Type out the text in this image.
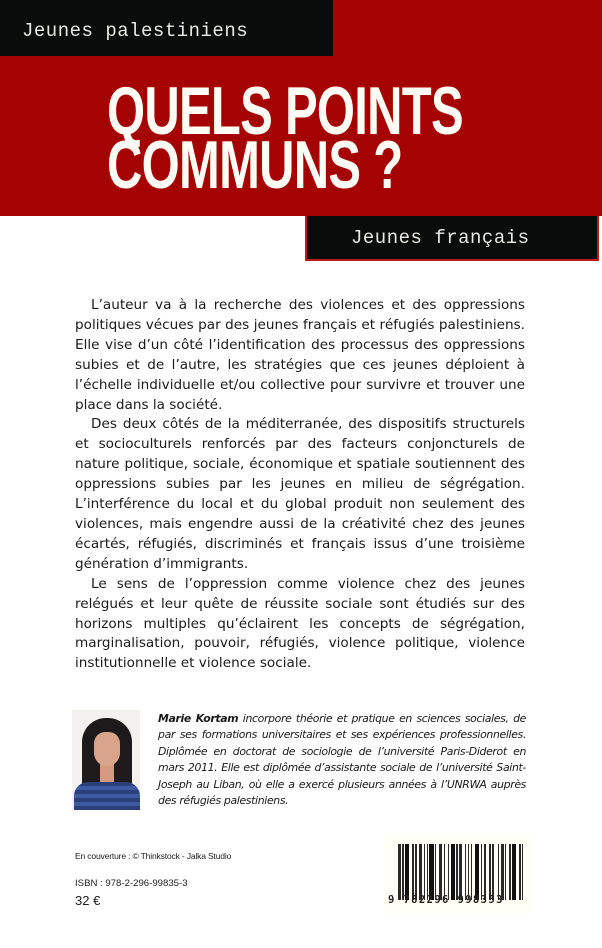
Jeunes palestiniens
QUELS POINTS
COMMUNS ?
Jeunes français

L’auteur va à la recherche des violences et des oppressions politiques vécues par des jeunes français et réfugiés palestiniens. Elle vise d’un côté l’identification des processus des oppressions subies et de l’autre, les stratégies que ces jeunes déploient à l’échelle individuelle et/ou collective pour survivre et trouver une place dans la société.

Des deux côtés de la méditerranée, des dispositifs structurels et socioculturels renforcés par des facteurs conjoncturels de nature politique, sociale, économique et spatiale soutiennent des oppressions subies par les jeunes en milieu de ségrégation. L’interférence du local et du global produit non seulement des violences, mais engendre aussi de la créativité chez des jeunes écartés, réfugiés, discriminés et français issus d’une troisième génération d’immigrants.

Le sens de l’oppression comme violence chez des jeunes relégués et leur quête de réussite sociale sont étudiés sur des horizons multiples qu’éclairent les concepts de ségrégation, marginalisation, pouvoir, réfugiés, violence politique, violence institutionnelle et violence sociale.

Marie Kortam incorpore théorie et pratique en sciences sociales, de par ses formations universitaires et ses expériences professionnelles. Diplômée en doctorat de sociologie de l’université Paris-Diderot en mars 2011. Elle est diplômée d’assistante sociale de l’université Saint-Joseph au Liban, où elle a exercé plusieurs années à l’UNRWA auprès des réfugiés palestiniens.
En couverture : © Thinkstock - Jalka Studio
ISBN : 978-2-296-99835-3
32 €	9 782296 998353
